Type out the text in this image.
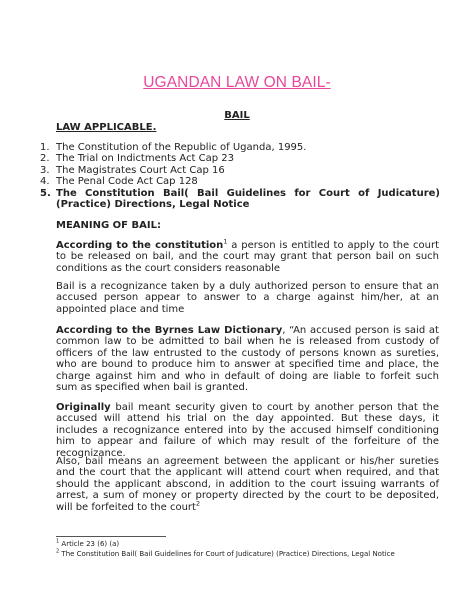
UGANDAN LAW ON BAIL-
BAIL
LAW APPLICABLE.
1. The Constitution of the Republic of Uganda, 1995.
2. The Trial on Indictments Act Cap 23
3. The Magistrates Court Act Cap 16
4. The Penal Code Act Cap 128
5. The Constitution Bail( Bail Guidelines for Court of Judicature) (Practice) Directions, Legal Notice

MEANING OF BAIL:

According to the constitution$^1$ a person is entitled to apply to the court to be released on bail, and the court may grant that person bail on such conditions as the court considers reasonable

Bail is a recognizance taken by a duly authorized person to ensure that an accused person appear to answer to a charge against him/her, at an appointed place and time

According to the Byrnes Law Dictionary, “An accused person is said at common law to be admitted to bail when he is released from custody of officers of the law entrusted to the custody of persons known as sureties, who are bound to produce him to answer at specified time and place, the charge against him and who in default of doing are liable to forfeit such sum as specified when bail is granted.

Originally bail meant security given to court by another person that the accused will attend his trial on the day appointed. But these days, it includes a recognizance entered into by the accused himself conditioning him to appear and failure of which may result of the forfeiture of the recognizance.

Also, bail means an agreement between the applicant or his/her sureties and the court that the applicant will attend court when required, and that should the applicant abscond, in addition to the court issuing warrants of arrest, a sum of money or property directed by the court to be deposited, will be forfeited to the court$^2$

$^1$ Article 23 (6) (a)
$^2$ The Constitution Bail( Bail Guidelines for Court of Judicature) (Practice) Directions, Legal Notice
